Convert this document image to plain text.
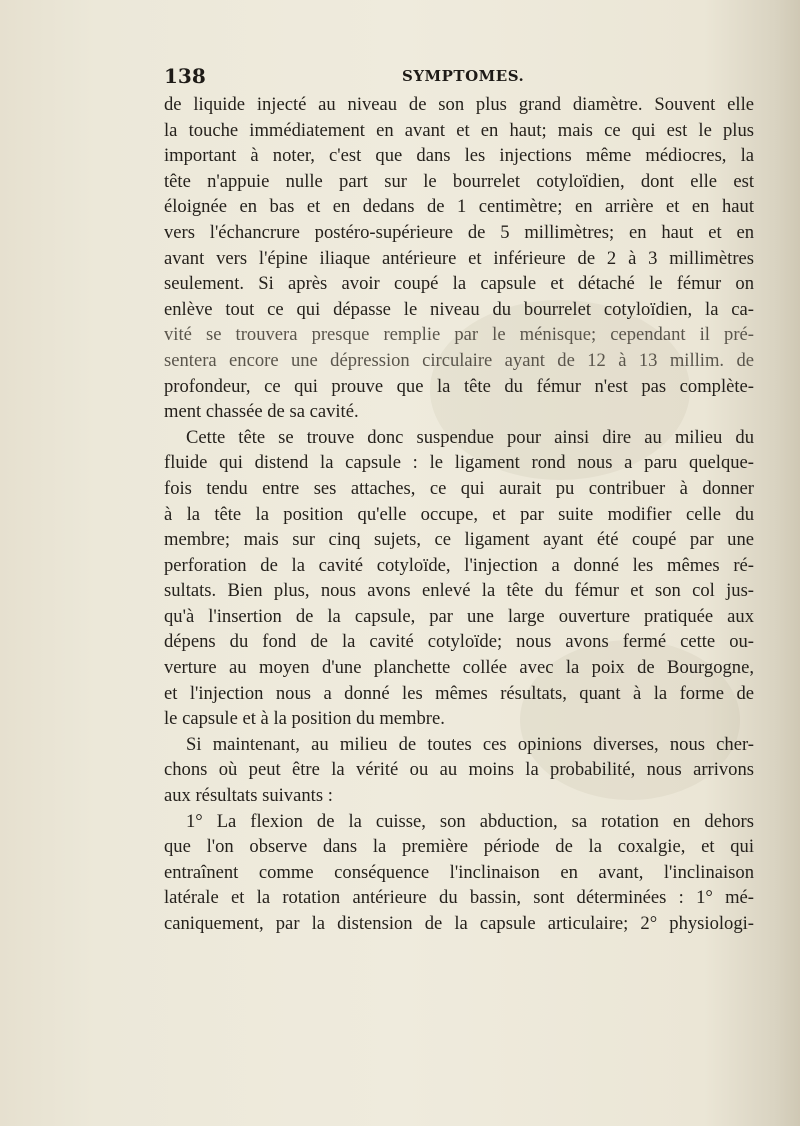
138	SYMPTOMES.
de liquide injecté au niveau de son plus grand diamètre. Souvent elle
la touche immédiatement en avant et en haut; mais ce qui est le plus
important à noter, c'est que dans les injections même médiocres, la
tête n'appuie nulle part sur le bourrelet cotyloïdien, dont elle est
éloignée en bas et en dedans de 1 centimètre; en arrière et en haut
vers l'échancrure postéro-supérieure de 5 millimètres; en haut et en
avant vers l'épine iliaque antérieure et inférieure de 2 à 3 millimètres
seulement. Si après avoir coupé la capsule et détaché le fémur on
enlève tout ce qui dépasse le niveau du bourrelet cotyloïdien, la ca-
vité se trouvera presque remplie par le ménisque; cependant il pré-
sentera encore une dépression circulaire ayant de 12 à 13 millim. de
profondeur, ce qui prouve que la tête du fémur n'est pas complète-
ment chassée de sa cavité.
Cette tête se trouve donc suspendue pour ainsi dire au milieu du
fluide qui distend la capsule : le ligament rond nous a paru quelque-
fois tendu entre ses attaches, ce qui aurait pu contribuer à donner
à la tête la position qu'elle occupe, et par suite modifier celle du
membre; mais sur cinq sujets, ce ligament ayant été coupé par une
perforation de la cavité cotyloïde, l'injection a donné les mêmes ré-
sultats. Bien plus, nous avons enlevé la tête du fémur et son col jus-
qu'à l'insertion de la capsule, par une large ouverture pratiquée aux
dépens du fond de la cavité cotyloïde; nous avons fermé cette ou-
verture au moyen d'une planchette collée avec la poix de Bourgogne,
et l'injection nous a donné les mêmes résultats, quant à la forme de
le capsule et à la position du membre.
Si maintenant, au milieu de toutes ces opinions diverses, nous cher-
chons où peut être la vérité ou au moins la probabilité, nous arrivons
aux résultats suivants :
1° La flexion de la cuisse, son abduction, sa rotation en dehors
que l'on observe dans la première période de la coxalgie, et qui
entraînent comme conséquence l'inclinaison en avant, l'inclinaison
latérale et la rotation antérieure du bassin, sont déterminées : 1° mé-
caniquement, par la distension de la capsule articulaire; 2° physiologi-
